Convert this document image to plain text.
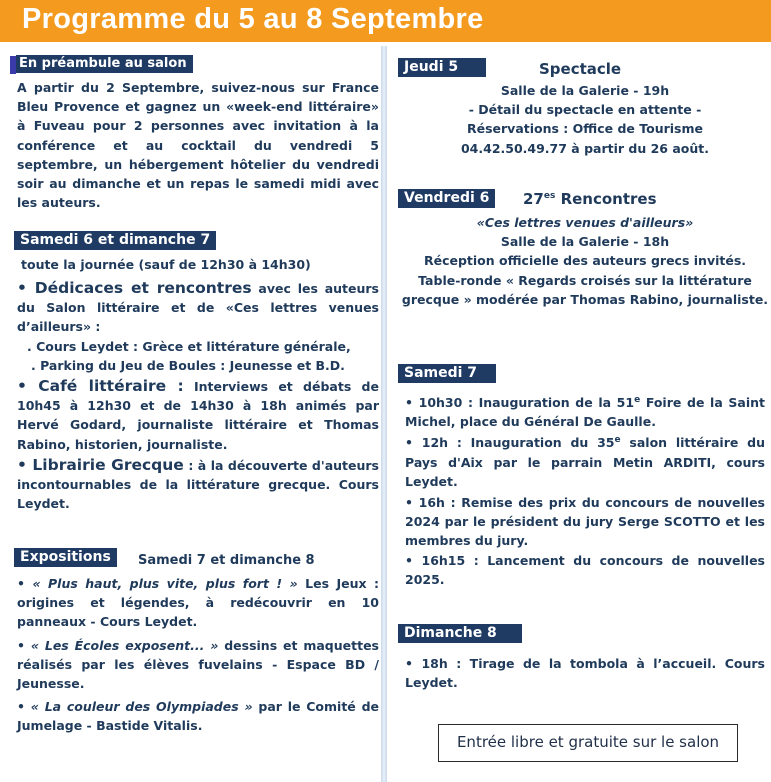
Programme du 5 au 8 Septembre
En préambule au salon

A partir du 2 Septembre, suivez-nous sur France Bleu Provence et gagnez un «week-end littéraire» à Fuveau pour 2 personnes avec invitation à la conférence et au cocktail du vendredi 5 septembre, un hébergement hôtelier du vendredi soir au dimanche et un repas le samedi midi avec les auteurs.

Samedi 6 et dimanche 7
toute la journée (sauf de 12h30 à 14h30)

• Dédicaces et rencontres avec les auteurs du Salon littéraire et de «Ces lettres venues d’ailleurs» :

. Cours Leydet : Grèce et littérature générale,

. Parking du Jeu de Boules : Jeunesse et B.D.

• Café littéraire : Interviews et débats de 10h45 à 12h30 et de 14h30 à 18h animés par Hervé Godard, journaliste littéraire et Thomas Rabino, historien, journaliste.

• Librairie Grecque : à la découverte d'auteurs incontournables de la littérature grecque. Cours Leydet.

Expositions	Samedi 7 et dimanche 8

• « Plus haut, plus vite, plus fort ! » Les Jeux : origines et légendes, à redécouvrir en 10 panneaux - Cours Leydet.

• « Les Écoles exposent... » dessins et maquettes réalisés par les élèves fuvelains - Espace BD / Jeunesse.

• « La couleur des Olympiades » par le Comité de Jumelage - Bastide Vitalis.

Jeudi 5	Spectacle

Salle de la Galerie - 19h

- Détail du spectacle en attente -

Réservations : Office de Tourisme

04.42.50.49.77 à partir du 26 août.

Vendredi 6	$27^{es}$ Rencontres

«Ces lettres venues d'ailleurs»

Salle de la Galerie - 18h

Réception officielle des auteurs grecs invités.

Table-ronde « Regards croisés sur la littérature grecque » modérée par Thomas Rabino, journaliste.

Samedi 7

• 10h30 : Inauguration de la 51e Foire de la Saint Michel, place du Général De Gaulle.

• 12h : Inauguration du 35e salon littéraire du Pays d'Aix par le parrain Metin ARDITI, cours Leydet.

• 16h : Remise des prix du concours de nouvelles 2024 par le président du jury Serge SCOTTO et les membres du jury.

• 16h15 : Lancement du concours de nouvelles 2025.

Dimanche 8

• 18h : Tirage de la tombola à l’accueil. Cours Leydet.

Entrée libre et gratuite sur le salon
